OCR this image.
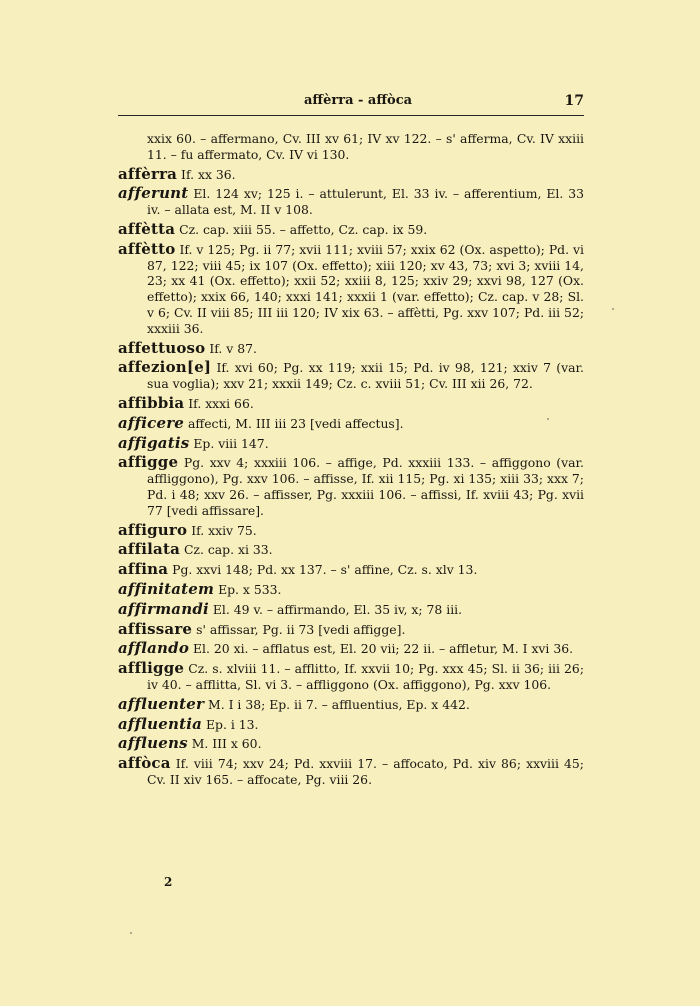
affèrra - affòca	17
xxix 60. – affermano, Cv. III xv 61; IV xv 122. – s' afferma, Cv. IV xxiii 11. – fu affermato, Cv. IV vi 130.
affèrra If. xx 36.
afferunt El. 124 xv; 125 i. – attulerunt, El. 33 iv. – afferentium, El. 33 iv. – allata est, M. II v 108.
affètta Cz. cap. xiii 55. – affetto, Cz. cap. ix 59.
affètto If. v 125; Pg. ii 77; xvii 111; xviii 57; xxix 62 (Ox. aspetto); Pd. vi 87, 122; viii 45; ix 107 (Ox. effetto); xiii 120; xv 43, 73; xvi 3; xviii 14, 23; xx 41 (Ox. effetto); xxii 52; xxiii 8, 125; xxiv 29; xxvi 98, 127 (Ox. effetto); xxix 66, 140; xxxi 141; xxxii 1 (var. effetto); Cz. cap. v 28; Sl. v 6; Cv. II viii 85; III iii 120; IV xix 63. – affètti, Pg. xxv 107; Pd. iii 52; xxxiii 36.
affettuoso If. v 87.
affezion[e] If. xvi 60; Pg. xx 119; xxii 15; Pd. iv 98, 121; xxiv 7 (var. sua voglia); xxv 21; xxxii 149; Cz. c. xviii 51; Cv. III xii 26, 72.
affibbia If. xxxi 66.
afficere affecti, M. III iii 23 [vedi affectus].
affigatis Ep. viii 147.
affigge Pg. xxv 4; xxxiii 106. – affige, Pd. xxxiii 133. – affiggono (var. affliggono), Pg. xxv 106. – affisse, If. xii 115; Pg. xi 135; xiii 33; xxx 7; Pd. i 48; xxv 26. – affisser, Pg. xxxiii 106. – affissi, If. xviii 43; Pg. xvii 77 [vedi affissare].
affiguro If. xxiv 75.
affilata Cz. cap. xi 33.
affina Pg. xxvi 148; Pd. xx 137. – s' affine, Cz. s. xlv 13.
affinitatem Ep. x 533.
affirmandi El. 49 v. – affirmando, El. 35 iv, x; 78 iii.
affissare s' affissar, Pg. ii 73 [vedi affigge].
afflando El. 20 xi. – afflatus est, El. 20 vii; 22 ii. – affletur, M. I xvi 36.
affligge Cz. s. xlviii 11. – afflitto, If. xxvii 10; Pg. xxx 45; Sl. ii 36; iii 26; iv 40. – afflitta, Sl. vi 3. – affliggono (Ox. affiggono), Pg. xxv 106.
affluenter M. I i 38; Ep. ii 7. – affluentius, Ep. x 442.
affluentia Ep. i 13.
affluens M. III x 60.
affòca If. viii 74; xxv 24; Pd. xxviii 17. – affocato, Pd. xiv 86; xxviii 45; Cv. II xiv 165. – affocate, Pg. viii 26.
2
